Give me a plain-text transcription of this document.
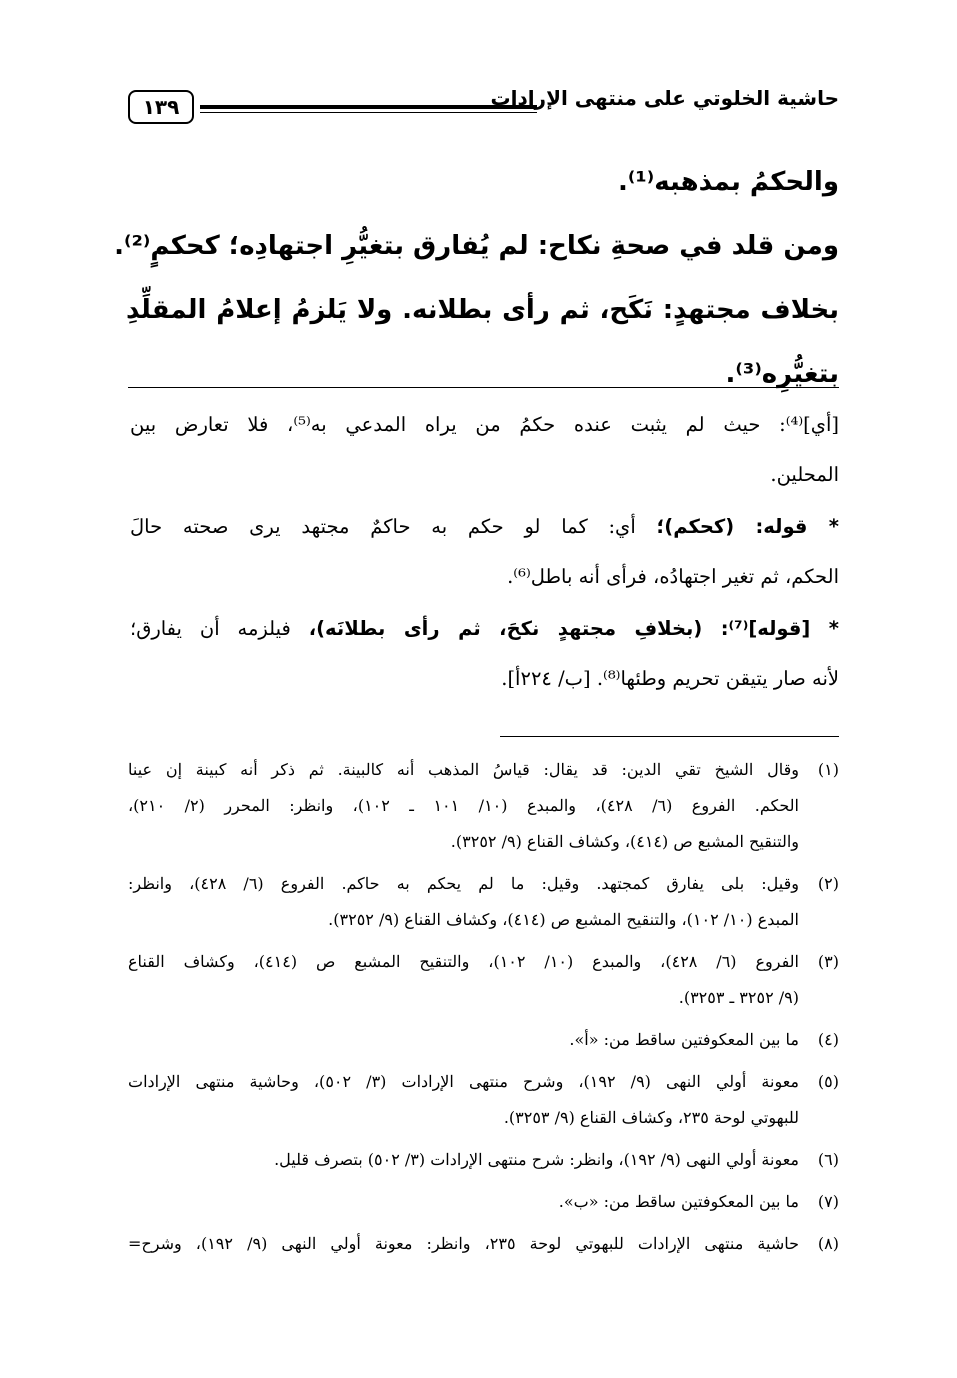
حاشية الخلوتي على منتهى الإرادات
١٣٩

والحكمُ بمذهبه⁽¹⁾.

ومن قلد في صحةِ نكاح: لم يُفارق بتغيُّرِ اجتهادِه؛ كحكمٍ⁽²⁾.

بخلاف مجتهدٍ: نَكَح، ثم رأى بطلانه. ولا يَلزمُ إعلامُ المقلِّدِ

بتغيُّرِه⁽³⁾.

[أي]⁽⁴⁾: حيث لم يثبت عنده حكمُ من يراه المدعي به⁽⁵⁾، فلا تعارض بين

المحلين.

* قوله: (كحكم)؛ أي: كما لو حكم به حاكمٌ مجتهد يرى صحته حالَ

الحكم، ثم تغير اجتهادُه، فرأى أنه باطل⁽⁶⁾.

* [قوله]⁽⁷⁾: (بخلافِ مجتهدٍ نكحَ، ثم رأى بطلانَه)، فيلزمه أن يفارق؛

لأنه صار يتيقن تحريم وطئها⁽⁸⁾. [ب/ ٢٢٤أ].

(١)

وقال الشيخ تقي الدين: قد يقال: قياسُ المذهب أنه كالبينة. ثم ذكر أنه كبينة إن عينا

الحكم. الفروع (٦/ ٤٢٨)، والمبدع (١٠/ ١٠١ ـ ١٠٢)، وانظر: المحرر (٢/ ٢١٠)،

والتنقيح المشبع ص (٤١٤)، وكشاف القناع (٩/ ٣٢٥٢).

(٢)

وقيل: بلى يفارق كمجتهد. وقيل: ما لم يحكم به حاكم. الفروع (٦/ ٤٢٨)، وانظر:

المبدع (١٠/ ١٠٢)، والتنقيح المشبع ص (٤١٤)، وكشاف القناع (٩/ ٣٢٥٢).

(٣)

الفروع (٦/ ٤٢٨)، والمبدع (١٠/ ١٠٢)، والتنقيح المشبع ص (٤١٤)، وكشاف القناع

(٩/ ٣٢٥٢ ـ ٣٢٥٣).

(٤)

ما بين المعكوفتين ساقط من: «أ».

(٥)

معونة أولي النهى (٩/ ١٩٢)، وشرح منتهى الإرادات (٣/ ٥٠٢)، وحاشية منتهى الإرادات

للبهوتي لوحة ٢٣٥، وكشاف القناع (٩/ ٣٢٥٣).

(٦)

معونة أولي النهى (٩/ ١٩٢)، وانظر: شرح منتهى الإرادات (٣/ ٥٠٢) بتصرف قليل.

(٧)

ما بين المعكوفتين ساقط من: «ب».

(٨)

حاشية منتهى الإرادات للبهوتي لوحة ٢٣٥، وانظر: معونة أولي النهى (٩/ ١٩٢)، وشرح=
